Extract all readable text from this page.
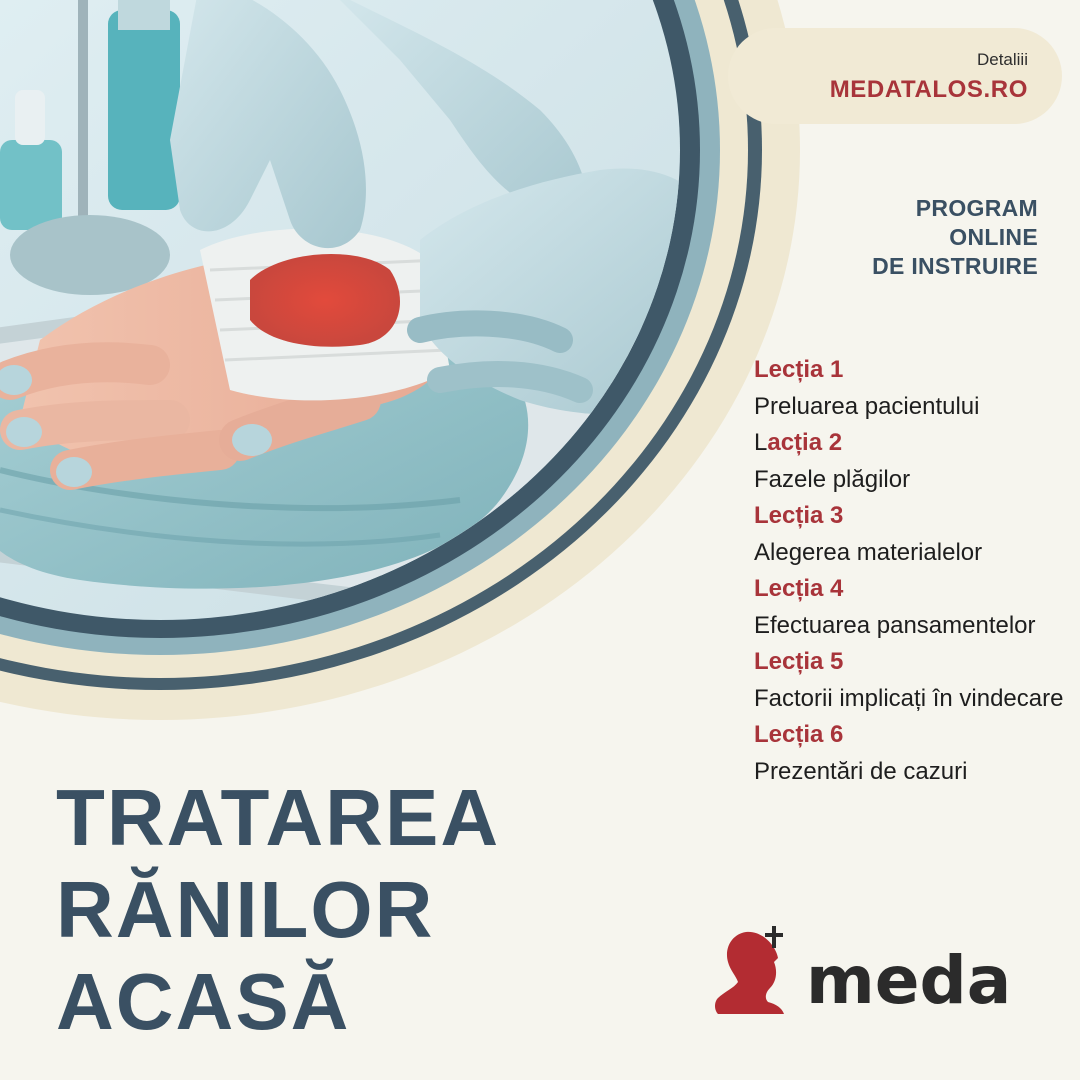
Detaliii
MEDATALOS.RO
PROGRAM
ONLINE
DE INSTRUIRE
Lecția 1
Preluarea pacientului
Lacția 2
Fazele plăgilor
Lecția 3
Alegerea materialelor
Lecția 4
Efectuarea pansamentelor
Lecția 5
Factorii implicați în vindecare
Lecția 6
Prezentări de cazuri
TRATAREA
RĂNILOR
ACASĂ	meda
